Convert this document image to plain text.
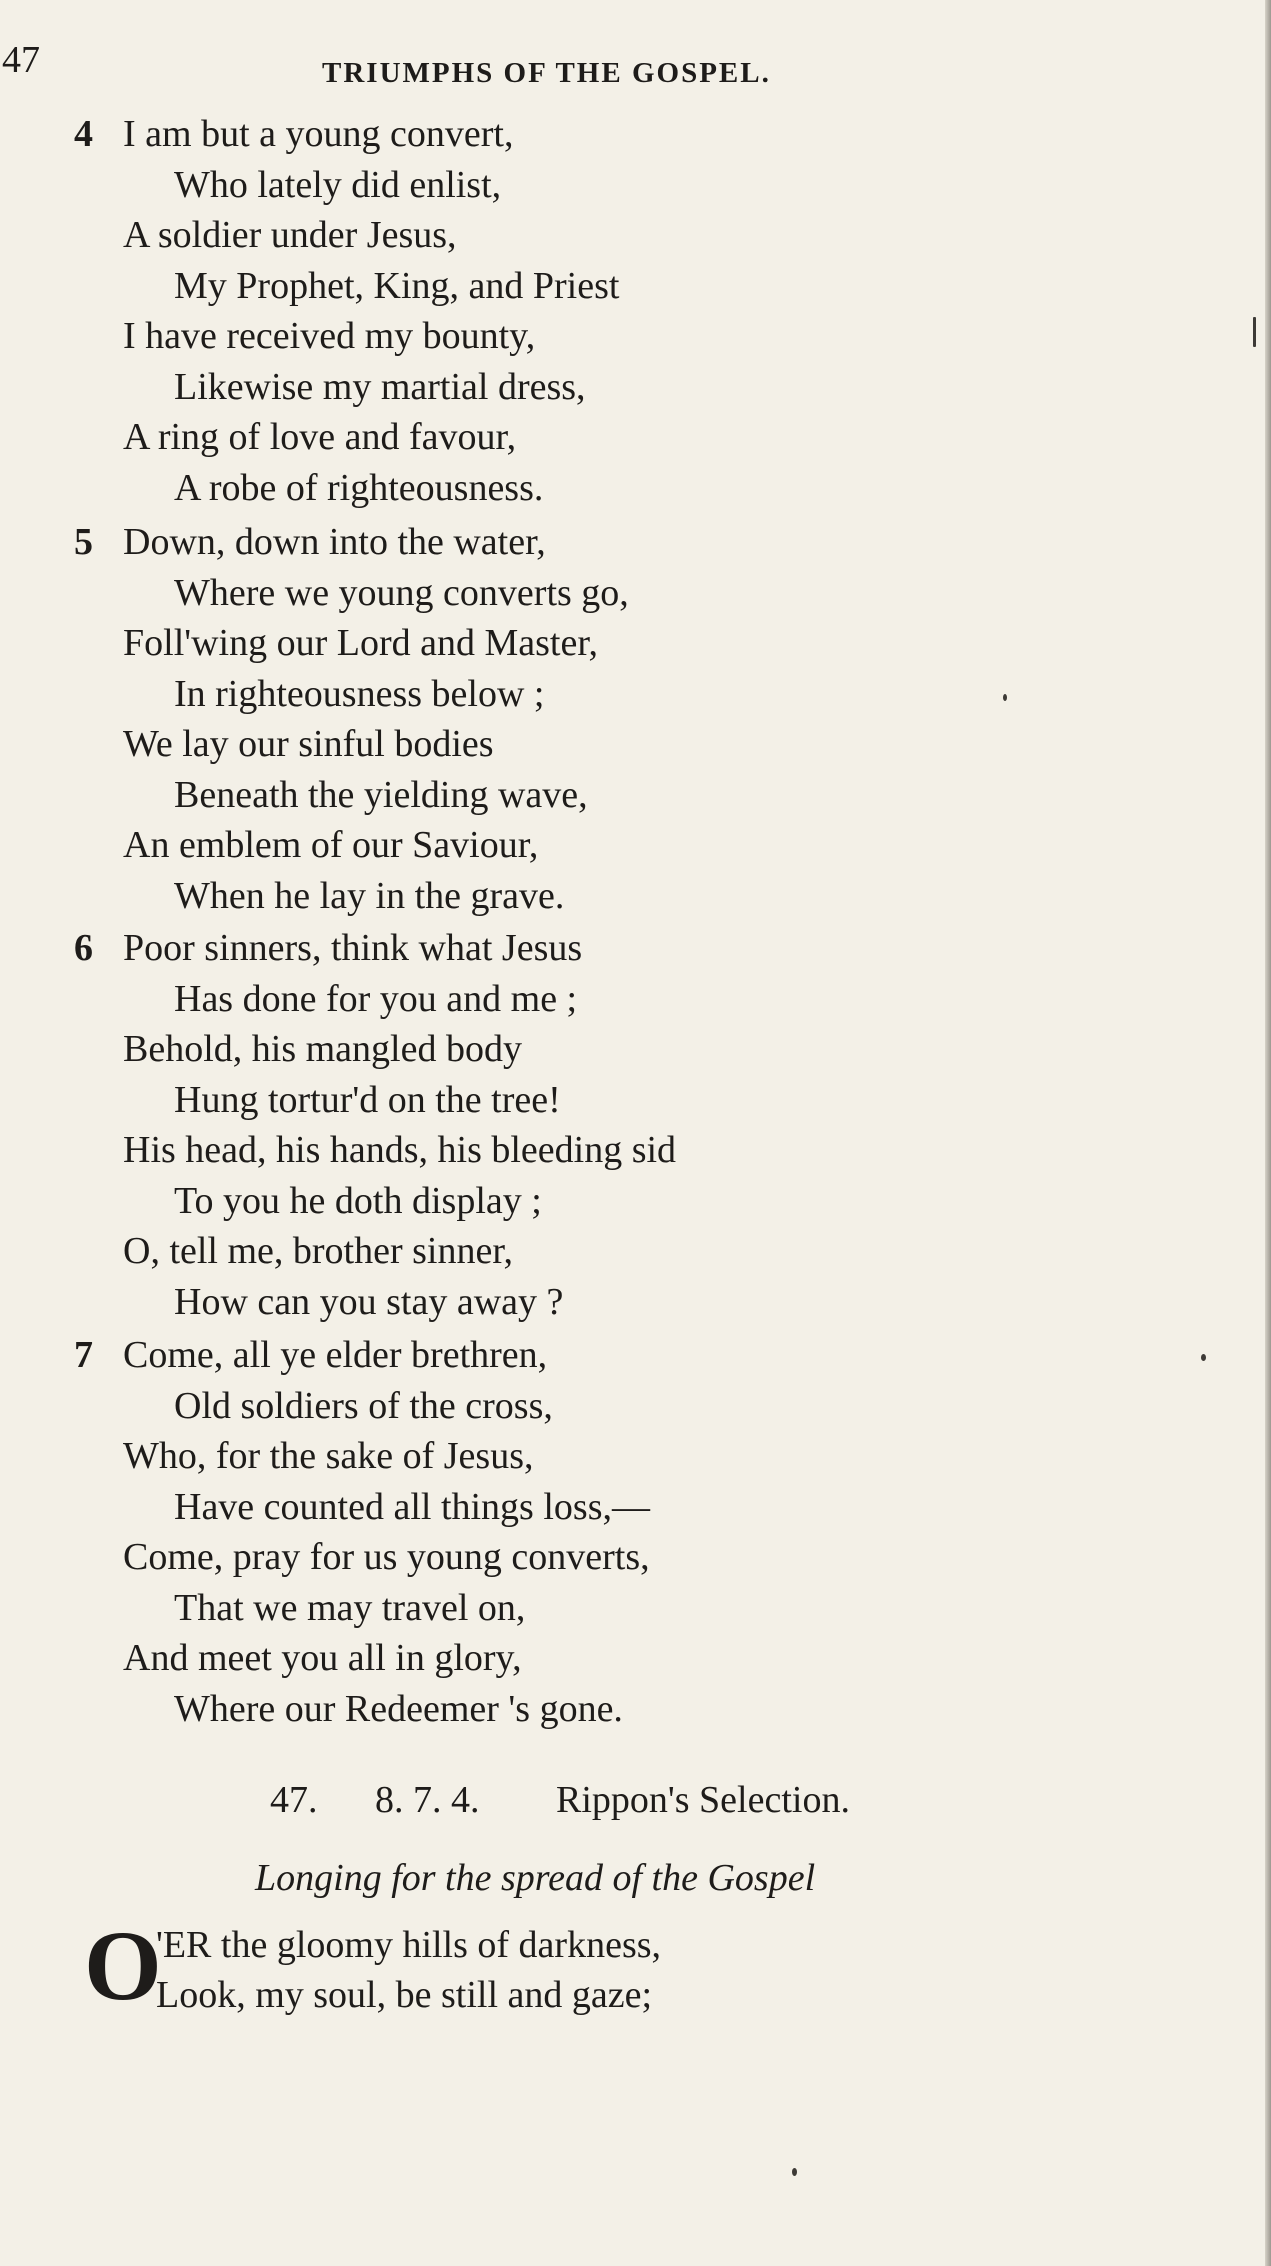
47	TRIUMPHS OF THE GOSPEL.
4 I am but a young convert,
Who lately did enlist,
A soldier under Jesus,
My Prophet, King, and Priest
I have received my bounty,
Likewise my martial dress,
A ring of love and favour,
A robe of righteousness.
5 Down, down into the water,
Where we young converts go,
Foll'wing our Lord and Master,
In righteousness below ;
We lay our sinful bodies
Beneath the yielding wave,
An emblem of our Saviour,
When he lay in the grave.
6 Poor sinners, think what Jesus
Has done for you and me ;
Behold, his mangled body
Hung tortur'd on the tree!
His head, his hands, his bleeding sid
To you he doth display ;
O, tell me, brother sinner,
How can you stay away ?
7 Come, all ye elder brethren,
Old soldiers of the cross,
Who, for the sake of Jesus,
Have counted all things loss,—
Come, pray for us young converts,
That we may travel on,
And meet you all in glory,
Where our Redeemer 's gone.
47. 8. 7. 4. Rippon's Selection.
Longing for the spread of the Gospel
O
'ER the gloomy hills of darkness,
Look, my soul, be still and gaze;
